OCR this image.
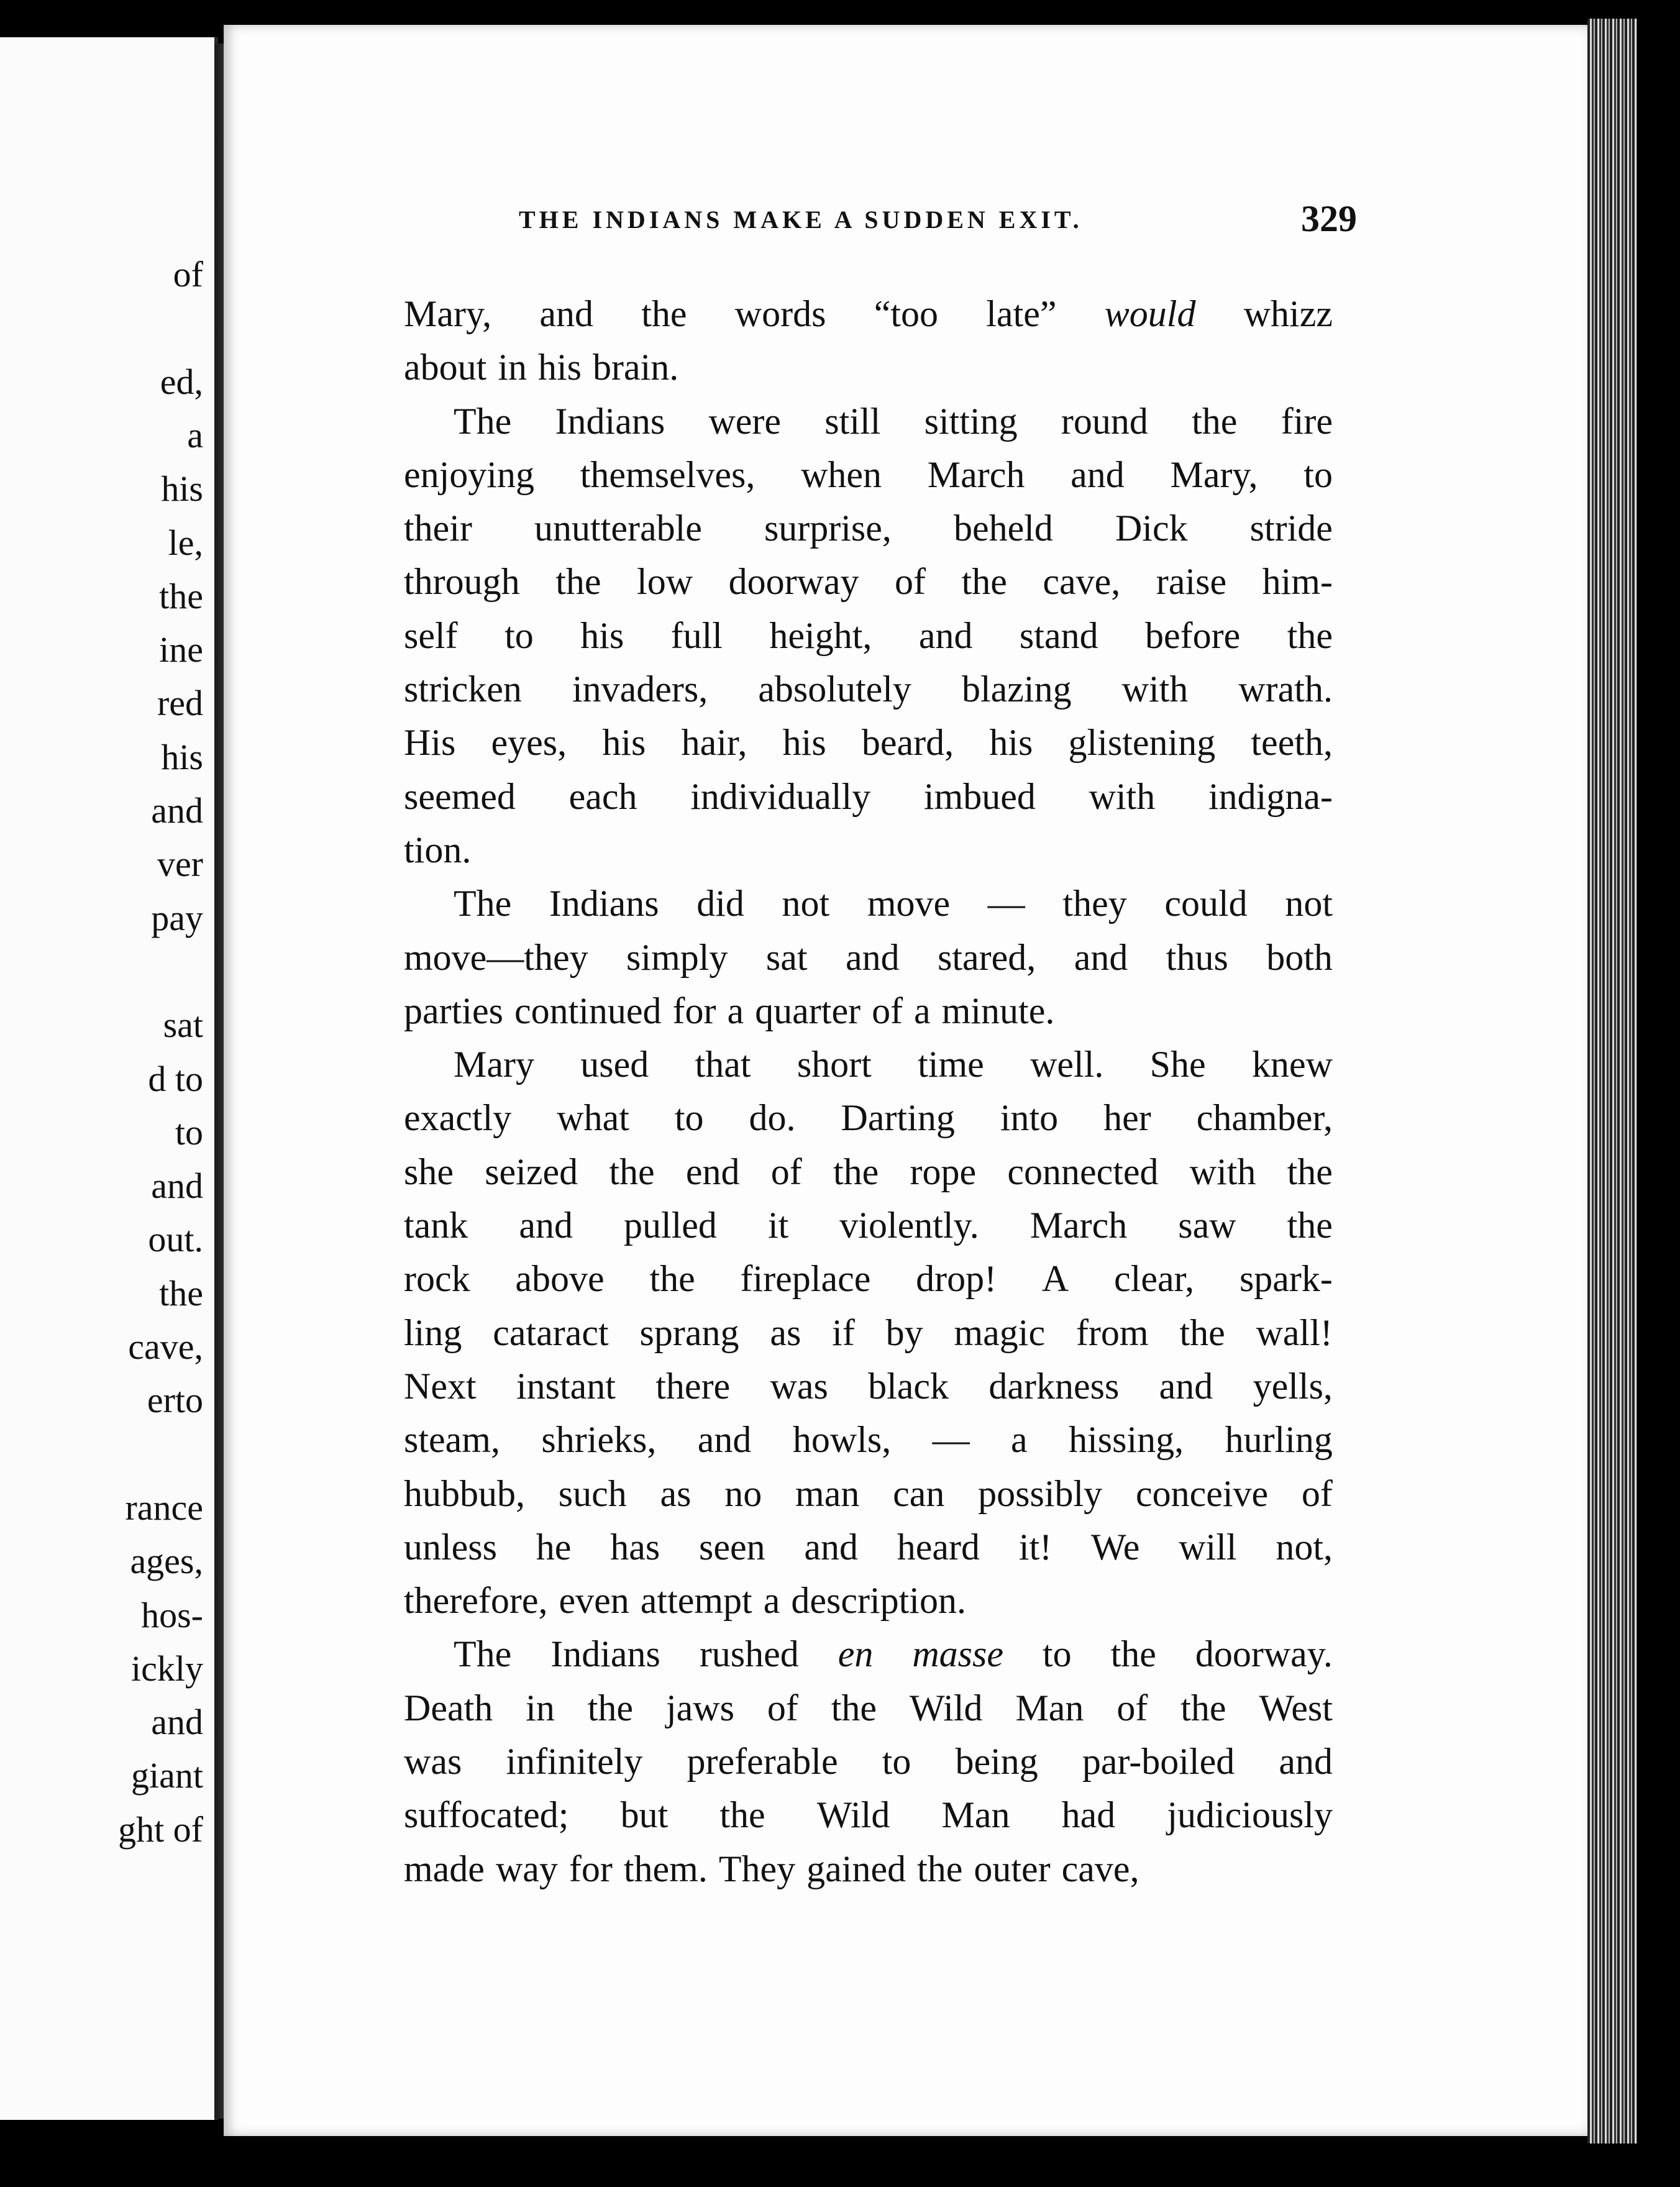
of
ed,
a
his
le,
the
ine
red
his
and
ver
pay
sat
d to
to
and
out.
the
cave,
erto
rance
ages,
hos-
ickly
and
giant
ght of
THE INDIANS MAKE A SUDDEN EXIT.	329
Mary, and the words “too late” would whizz
about in his brain.
The Indians were still sitting round the fire
enjoying themselves, when March and Mary, to
their unutterable surprise, beheld Dick stride
through the low doorway of the cave, raise him-
self to his full height, and stand before the
stricken invaders, absolutely blazing with wrath.
His eyes, his hair, his beard, his glistening teeth,
seemed each individually imbued with indigna-
tion.
The Indians did not move — they could not
move—they simply sat and stared, and thus both
parties continued for a quarter of a minute.
Mary used that short time well. She knew
exactly what to do. Darting into her chamber,
she seized the end of the rope connected with the
tank and pulled it violently. March saw the
rock above the fireplace drop! A clear, spark-
ling cataract sprang as if by magic from the wall!
Next instant there was black darkness and yells,
steam, shrieks, and howls, — a hissing, hurling
hubbub, such as no man can possibly conceive of
unless he has seen and heard it! We will not,
therefore, even attempt a description.
The Indians rushed en masse to the doorway.
Death in the jaws of the Wild Man of the West
was infinitely preferable to being par-boiled and
suffocated; but the Wild Man had judiciously
made way for them. They gained the outer cave,
